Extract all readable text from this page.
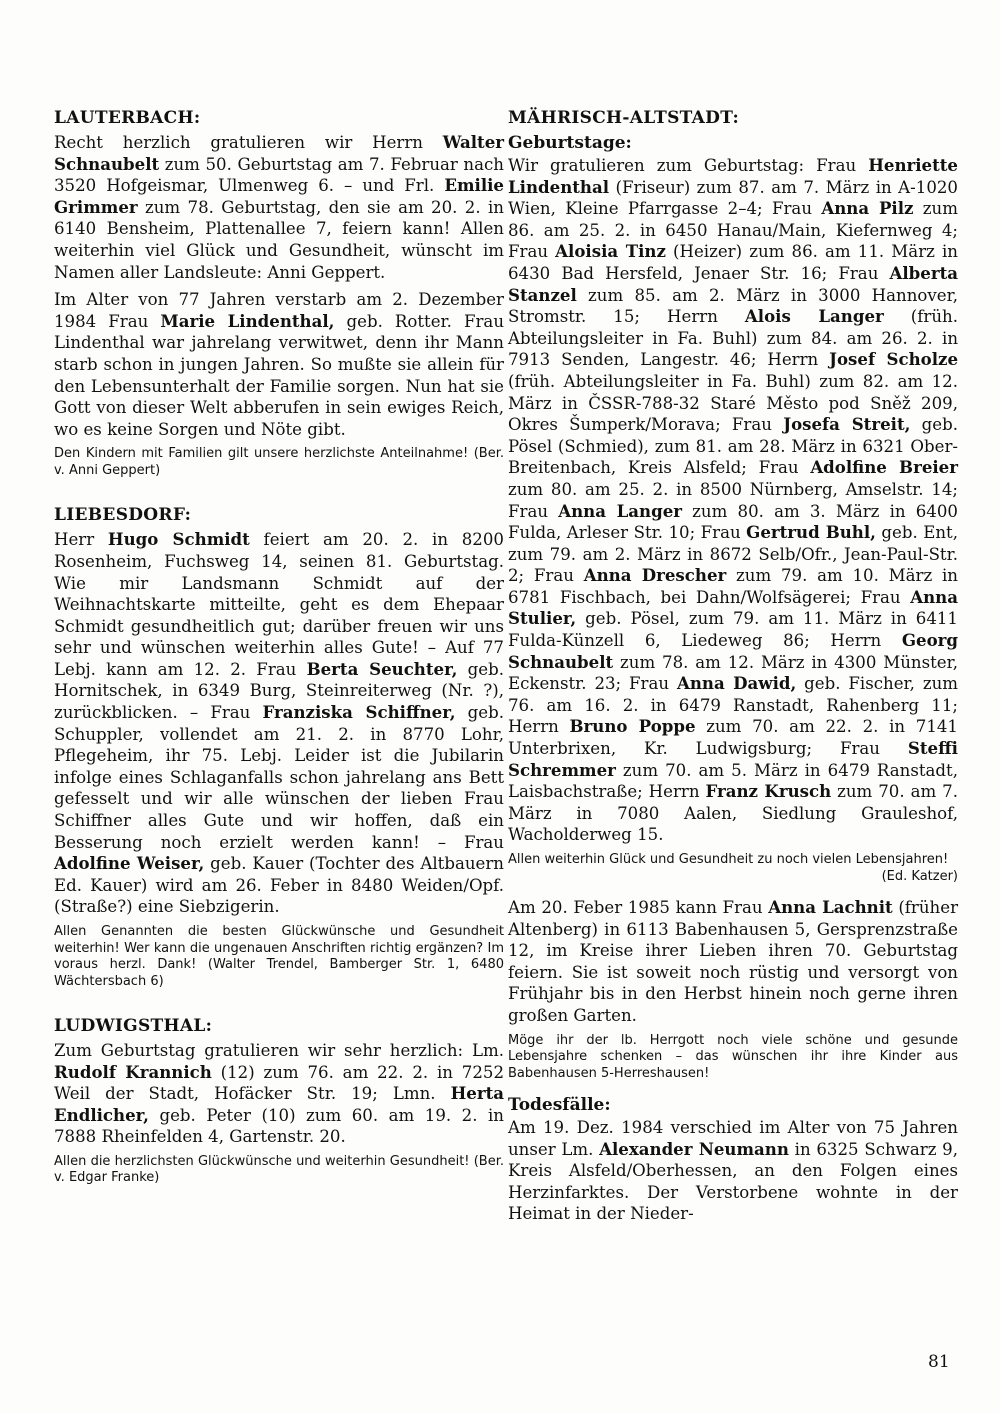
LAUTERBACH:

Recht herzlich gratulieren wir Herrn Walter Schnaubelt zum 50. Geburtstag am 7. Februar nach 3520 Hofgeismar, Ulmenweg 6. – und Frl. Emilie Grimmer zum 78. Geburtstag, den sie am 20. 2. in 6140 Bensheim, Plattenallee 7, feiern kann! Allen weiterhin viel Glück und Gesundheit, wünscht im Namen aller Landsleute: Anni Geppert.

Im Alter von 77 Jahren verstarb am 2. Dezember 1984 Frau Marie Lindenthal, geb. Rotter. Frau Lindenthal war jahrelang verwitwet, denn ihr Mann starb schon in jungen Jahren. So mußte sie allein für den Lebensunterhalt der Familie sorgen. Nun hat sie Gott von dieser Welt abberufen in sein ewiges Reich, wo es keine Sorgen und Nöte gibt.

Den Kindern mit Familien gilt unsere herzlichste Anteilnahme! (Ber. v. Anni Geppert)

LIEBESDORF:

Herr Hugo Schmidt feiert am 20. 2. in 8200 Rosenheim, Fuchsweg 14, seinen 81. Geburtstag. Wie mir Landsmann Schmidt auf der Weihnachtskarte mitteilte, geht es dem Ehepaar Schmidt gesundheitlich gut; darüber freuen wir uns sehr und wünschen weiterhin alles Gute! – Auf 77 Lebj. kann am 12. 2. Frau Berta Seuchter, geb. Hornitschek, in 6349 Burg, Steinreiterweg (Nr. ?), zurückblicken. – Frau Franziska Schiffner, geb. Schuppler, vollendet am 21. 2. in 8770 Lohr, Pflegeheim, ihr 75. Lebj. Leider ist die Jubilarin infolge eines Schlaganfalls schon jahrelang ans Bett gefesselt und wir alle wünschen der lieben Frau Schiffner alles Gute und wir hoffen, daß ein Besserung noch erzielt werden kann! – Frau Adolfine Weiser, geb. Kauer (Tochter des Altbauern Ed. Kauer) wird am 26. Feber in 8480 Weiden/Opf. (Straße?) eine Siebzigerin.

Allen Genannten die besten Glückwünsche und Gesundheit weiterhin! Wer kann die ungenauen Anschriften richtig ergänzen? Im voraus herzl. Dank! (Walter Trendel, Bamberger Str. 1, 6480 Wächtersbach 6)

LUDWIGSTHAL:

Zum Geburtstag gratulieren wir sehr herzlich: Lm. Rudolf Krannich (12) zum 76. am 22. 2. in 7252 Weil der Stadt, Hofäcker Str. 19; Lmn. Herta Endlicher, geb. Peter (10) zum 60. am 19. 2. in 7888 Rheinfelden 4, Gartenstr. 20.

Allen die herzlichsten Glückwünsche und weiterhin Gesundheit! (Ber. v. Edgar Franke)

MÄHRISCH-ALTSTADT:
Geburtstage:

Wir gratulieren zum Geburtstag: Frau Henriette Lindenthal (Friseur) zum 87. am 7. März in A-1020 Wien, Kleine Pfarrgasse 2–4; Frau Anna Pilz zum 86. am 25. 2. in 6450 Hanau/Main, Kiefernweg 4; Frau Aloisia Tinz (Heizer) zum 86. am 11. März in 6430 Bad Hersfeld, Jenaer Str. 16; Frau Alberta Stanzel zum 85. am 2. März in 3000 Hannover, Stromstr. 15; Herrn Alois Langer (früh. Abteilungsleiter in Fa. Buhl) zum 84. am 26. 2. in 7913 Senden, Langestr. 46; Herrn Josef Scholze (früh. Abteilungsleiter in Fa. Buhl) zum 82. am 12. März in ČSSR-788-32 Staré Město pod Sněž 209, Okres Šumperk/Morava; Frau Josefa Streit, geb. Pösel (Schmied), zum 81. am 28. März in 6321 Ober-Breitenbach, Kreis Alsfeld; Frau Adolfine Breier zum 80. am 25. 2. in 8500 Nürnberg, Amselstr. 14; Frau Anna Langer zum 80. am 3. März in 6400 Fulda, Arleser Str. 10; Frau Gertrud Buhl, geb. Ent, zum 79. am 2. März in 8672 Selb/Ofr., Jean-Paul-Str. 2; Frau Anna Drescher zum 79. am 10. März in 6781 Fischbach, bei Dahn/Wolfsägerei; Frau Anna Stulier, geb. Pösel, zum 79. am 11. März in 6411 Fulda-Künzell 6, Liedeweg 86; Herrn Georg Schnaubelt zum 78. am 12. März in 4300 Münster, Eckenstr. 23; Frau Anna Dawid, geb. Fischer, zum 76. am 16. 2. in 6479 Ranstadt, Rahenberg 11; Herrn Bruno Poppe zum 70. am 22. 2. in 7141 Unterbrixen, Kr. Ludwigsburg; Frau Steffi Schremmer zum 70. am 5. März in 6479 Ranstadt, Laisbachstraße; Herrn Franz Krusch zum 70. am 7. März in 7080 Aalen, Siedlung Grauleshof, Wacholderweg 15.

Allen weiterhin Glück und Gesundheit zu noch vielen Lebensjahren!
(Ed. Katzer)

Am 20. Feber 1985 kann Frau Anna Lachnit (früher Altenberg) in 6113 Babenhausen 5, Gersprenzstraße 12, im Kreise ihrer Lieben ihren 70. Geburtstag feiern. Sie ist soweit noch rüstig und versorgt von Frühjahr bis in den Herbst hinein noch gerne ihren großen Garten.

Möge ihr der lb. Herrgott noch viele schöne und gesunde Lebensjahre schenken – das wünschen ihr ihre Kinder aus Babenhausen 5-Herreshausen!

Todesfälle:

Am 19. Dez. 1984 verschied im Alter von 75 Jahren unser Lm. Alexander Neumann in 6325 Schwarz 9, Kreis Alsfeld/Oberhessen, an den Folgen eines Herzinfarktes. Der Verstorbene wohnte in der Heimat in der Nieder-

81
